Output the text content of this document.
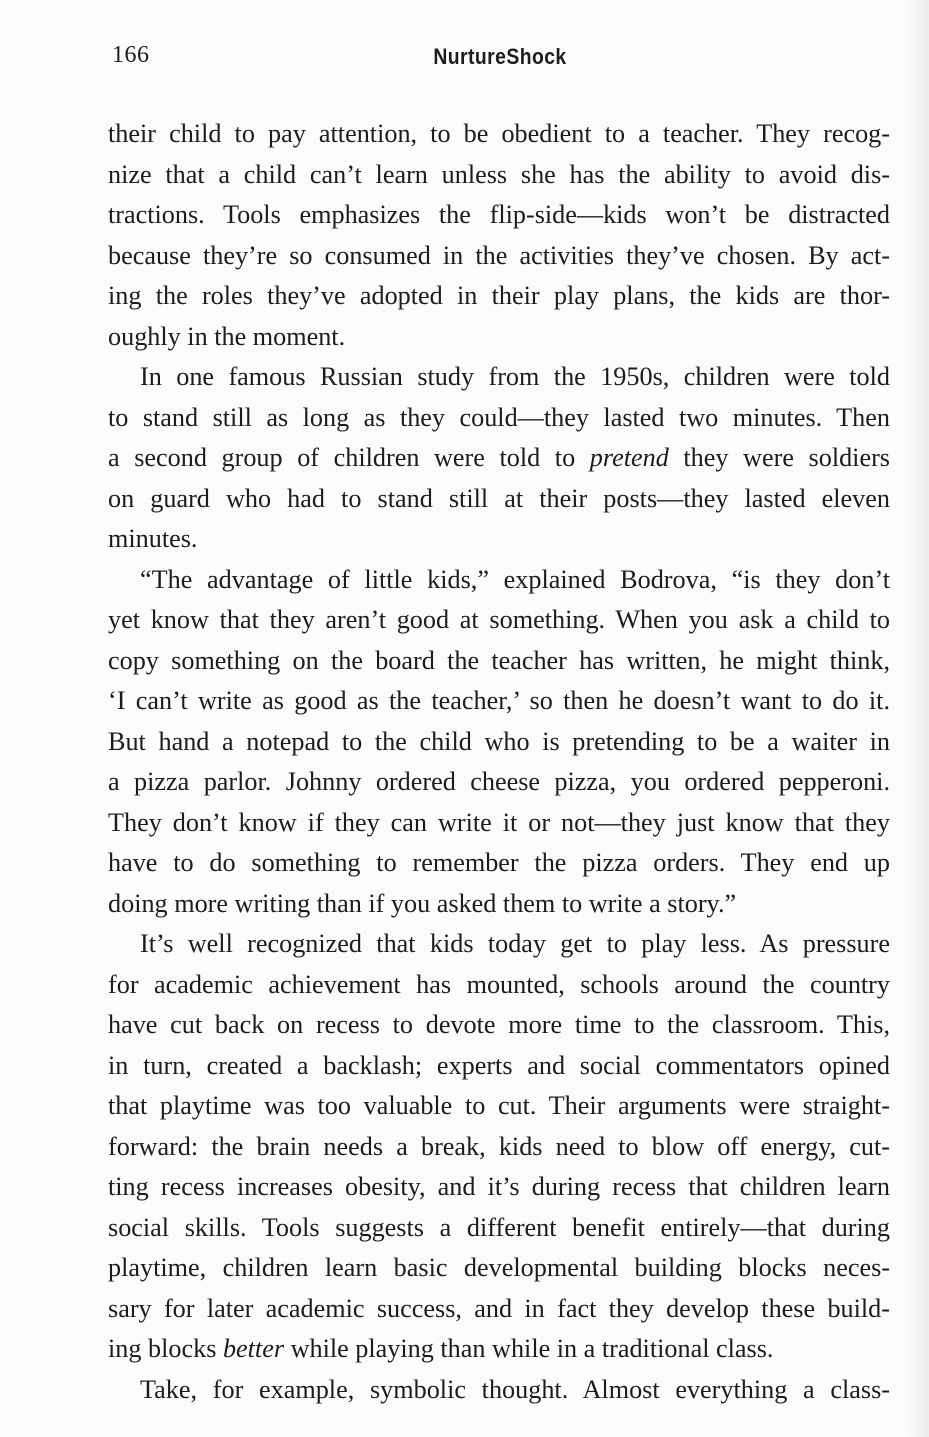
166	NurtureShock
their child to pay attention, to be obedient to a teacher. They recog-
nize that a child can’t learn unless she has the ability to avoid dis-
tractions. Tools emphasizes the flip-side—kids won’t be distracted
because they’re so consumed in the activities they’ve chosen. By act-
ing the roles they’ve adopted in their play plans, the kids are thor-
oughly in the moment.
In one famous Russian study from the 1950s, children were told
to stand still as long as they could—they lasted two minutes. Then
a second group of children were told to pretend they were soldiers
on guard who had to stand still at their posts—they lasted eleven
minutes.
“The advantage of little kids,” explained Bodrova, “is they don’t
yet know that they aren’t good at something. When you ask a child to
copy something on the board the teacher has written, he might think,
‘I can’t write as good as the teacher,’ so then he doesn’t want to do it.
But hand a notepad to the child who is pretending to be a waiter in
a pizza parlor. Johnny ordered cheese pizza, you ordered pepperoni.
They don’t know if they can write it or not—they just know that they
have to do something to remember the pizza orders. They end up
doing more writing than if you asked them to write a story.”
It’s well recognized that kids today get to play less. As pressure
for academic achievement has mounted, schools around the country
have cut back on recess to devote more time to the classroom. This,
in turn, created a backlash; experts and social commentators opined
that playtime was too valuable to cut. Their arguments were straight-
forward: the brain needs a break, kids need to blow off energy, cut-
ting recess increases obesity, and it’s during recess that children learn
social skills. Tools suggests a different benefit entirely—that during
playtime, children learn basic developmental building blocks neces-
sary for later academic success, and in fact they develop these build-
ing blocks better while playing than while in a traditional class.
Take, for example, symbolic thought. Almost everything a class-
